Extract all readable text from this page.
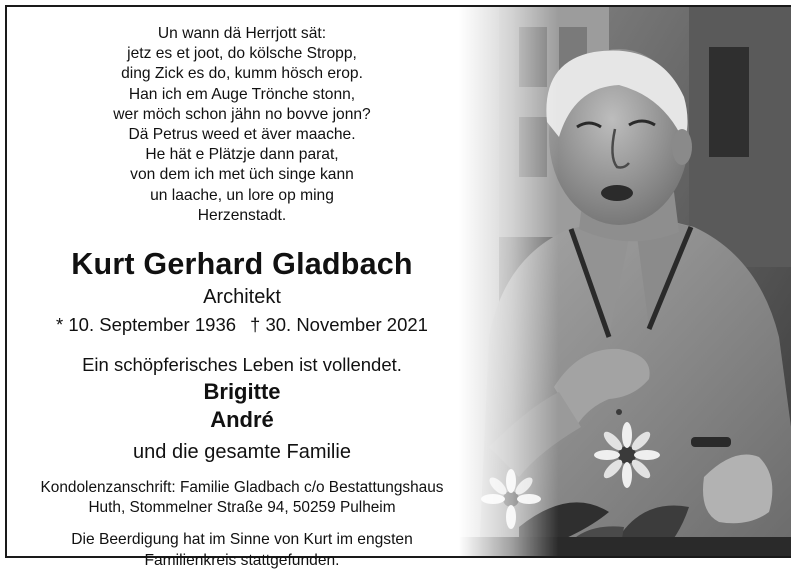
Un wann dä Herrjott sät:
jetz es et joot, do kölsche Stropp,
ding Zick es do, kumm hösch erop.
Han ich em Auge Trönche stonn,
wer möch schon jähn no bovve jonn?
Dä Petrus weed et äver maache.
He hät e Plätzje dann parat,
von dem ich met üch singe kann
un laache, un lore op ming
Herzenstadt.
Kurt Gerhard Gladbach
Architekt
* 10. September 1936 † 30. November 2021
Ein schöpferisches Leben ist vollendet.
Brigitte
André
und die gesamte Familie
Kondolenzanschrift: Familie Gladbach c/o Bestattungshaus
Huth, Stommelner Straße 94, 50259 Pulheim
Die Beerdigung hat im Sinne von Kurt im engsten
Familienkreis stattgefunden.
